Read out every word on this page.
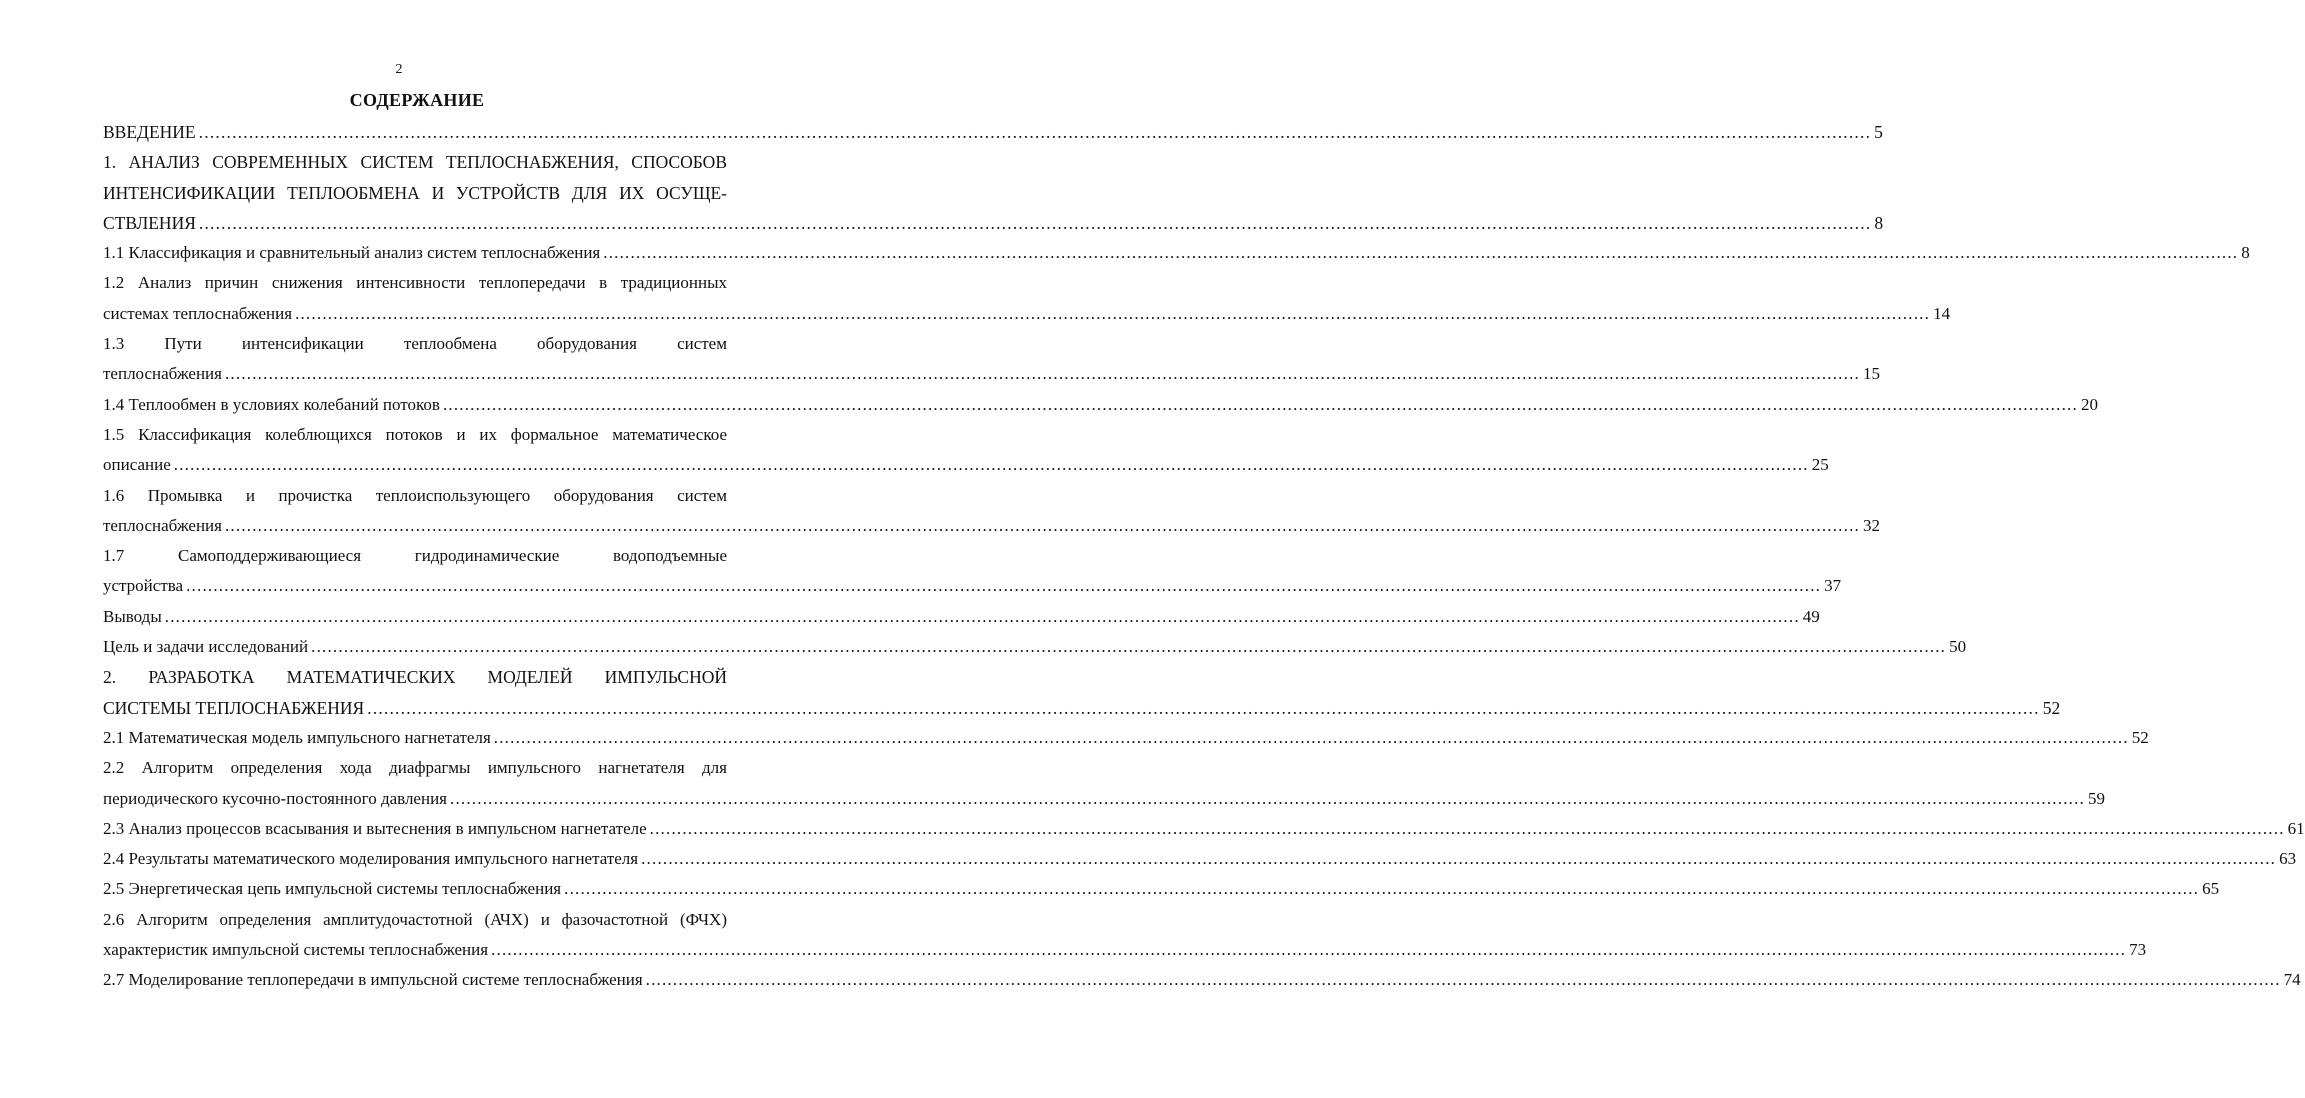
2
СОДЕРЖАНИЕ
ВВЕДЕНИЕ ............................................................................................................................................................................................................................................................................................................ 5
1. АНАЛИЗ СОВРЕМЕННЫХ СИСТЕМ ТЕПЛОСНАБЖЕНИЯ, СПОСОБОВ
ИНТЕНСИФИКАЦИИ ТЕПЛООБМЕНА И УСТРОЙСТВ ДЛЯ ИХ ОСУЩЕ-
СТВЛЕНИЯ ............................................................................................................................................................................................................................................................................................................ 8
1.1 Классификация и сравнительный анализ систем теплоснабжения ............................................................................................................................................................................................................................................................................................................ 8
1.2 Анализ причин снижения интенсивности теплопередачи в традиционных
системах теплоснабжения ............................................................................................................................................................................................................................................................................................................ 14
1.3 Пути интенсификации теплообмена оборудования систем
теплоснабжения ............................................................................................................................................................................................................................................................................................................ 15
1.4 Теплообмен в условиях колебаний потоков ............................................................................................................................................................................................................................................................................................................ 20
1.5 Классификация колеблющихся потоков и их формальное математическое
описание ............................................................................................................................................................................................................................................................................................................ 25
1.6 Промывка и прочистка теплоиспользующего оборудования систем
теплоснабжения ............................................................................................................................................................................................................................................................................................................ 32
1.7 Самоподдерживающиеся гидродинамические водоподъемные
устройства ............................................................................................................................................................................................................................................................................................................ 37
Выводы ............................................................................................................................................................................................................................................................................................................ 49
Цель и задачи исследований ............................................................................................................................................................................................................................................................................................................ 50
2. РАЗРАБОТКА МАТЕМАТИЧЕСКИХ МОДЕЛЕЙ ИМПУЛЬСНОЙ
СИСТЕМЫ ТЕПЛОСНАБЖЕНИЯ ............................................................................................................................................................................................................................................................................................................ 52
2.1 Математическая модель импульсного нагнетателя ............................................................................................................................................................................................................................................................................................................ 52
2.2 Алгоритм определения хода диафрагмы импульсного нагнетателя для
периодического кусочно-постоянного давления ............................................................................................................................................................................................................................................................................................................ 59
2.3 Анализ процессов всасывания и вытеснения в импульсном нагнетателе ............................................................................................................................................................................................................................................................................................................ 61
2.4 Результаты математического моделирования импульсного нагнетателя ............................................................................................................................................................................................................................................................................................................ 63
2.5 Энергетическая цепь импульсной системы теплоснабжения ............................................................................................................................................................................................................................................................................................................ 65
2.6 Алгоритм определения амплитудочастотной (АЧХ) и фазочастотной (ФЧХ)
характеристик импульсной системы теплоснабжения ............................................................................................................................................................................................................................................................................................................ 73
2.7 Моделирование теплопередачи в импульсной системе теплоснабжения ............................................................................................................................................................................................................................................................................................................ 74
